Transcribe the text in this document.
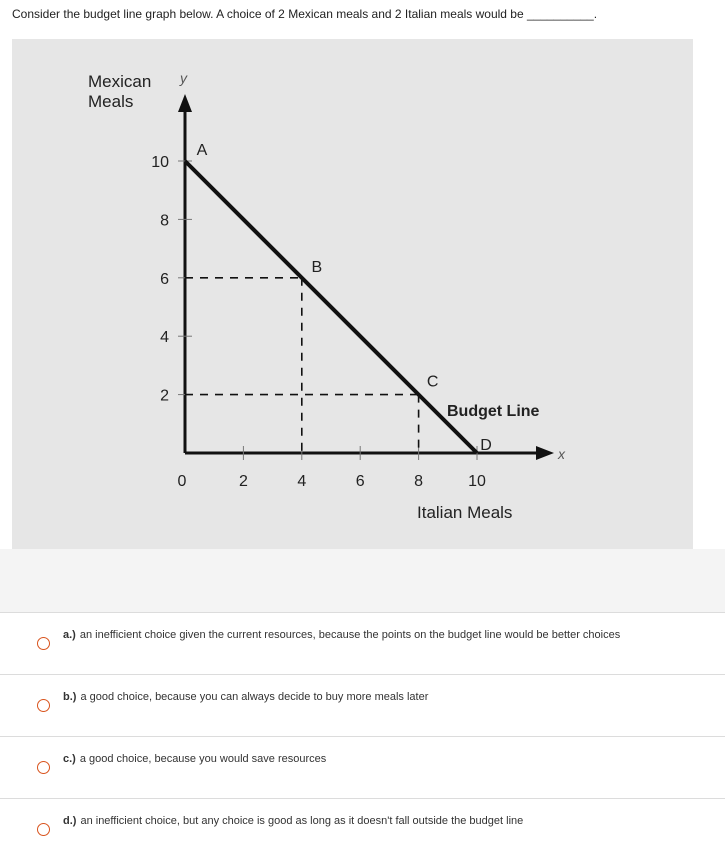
Consider the budget line graph below. A choice of 2 Mexican meals and 2 Italian meals would be __________.
Mexican
Meals
y
x
Italian Meals
Budget Line
2
4
6
8
10
0	2	4	6	8	10
A
B
C
D
a.) an inefficient choice given the current resources, because the points on the budget line would be better choices
b.) a good choice, because you can always decide to buy more meals later
c.) a good choice, because you would save resources
d.) an inefficient choice, but any choice is good as long as it doesn't fall outside the budget line
